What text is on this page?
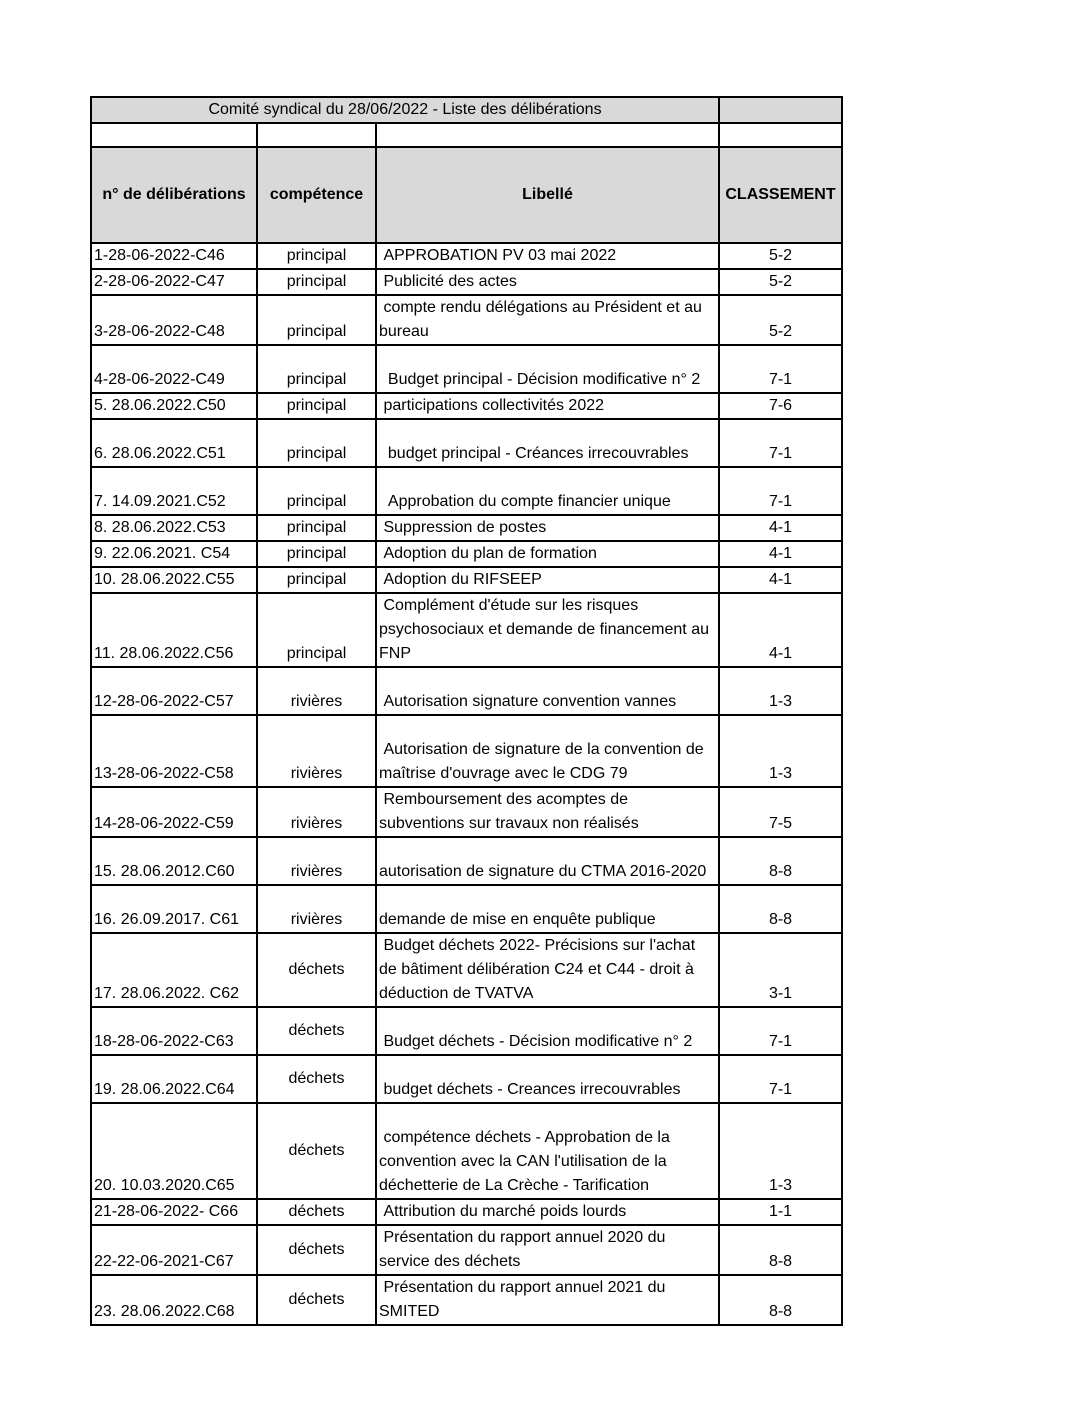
Comité syndical du 28/06/2022 - Liste des délibérations			

n° de délibérations	compétence	Libellé	CLASSEMENT
1-28-06-2022-C46	principal	APPROBATION PV 03 mai 2022	5-2
2-28-06-2022-C47	principal	Publicité des actes	5-2
3-28-06-2022-C48	principal	compte rendu délégations au Président et au bureau	5-2
4-28-06-2022-C49	principal	Budget principal - Décision modificative n° 2	7-1
5. 28.06.2022.C50	principal	participations collectivités 2022	7-6
6. 28.06.2022.C51	principal	budget principal - Créances irrecouvrables	7-1
7. 14.09.2021.C52	principal	Approbation du compte financier unique	7-1
8. 28.06.2022.C53	principal	Suppression de postes	4-1
9. 22.06.2021. C54	principal	Adoption du plan de formation	4-1
10. 28.06.2022.C55	principal	Adoption du RIFSEEP	4-1
11. 28.06.2022.C56	principal	Complément d'étude sur les risques psychosociaux et demande de financement au FNP	4-1
12-28-06-2022-C57	rivières	Autorisation signature convention vannes	1-3
13-28-06-2022-C58	rivières	Autorisation de signature de la convention de maîtrise d'ouvrage avec le CDG 79	1-3
14-28-06-2022-C59	rivières	Remboursement des acomptes de subventions sur travaux non réalisés	7-5
15. 28.06.2012.C60	rivières	autorisation de signature du CTMA 2016-2020	8-8
16. 26.09.2017. C61	rivières	demande de mise en enquête publique	8-8
17. 28.06.2022. C62	déchets	Budget déchets 2022- Précisions sur l'achat de bâtiment délibération C24 et C44 - droit à déduction de TVATVA	3-1
18-28-06-2022-C63	déchets	Budget déchets - Décision modificative n° 2	7-1
19. 28.06.2022.C64	déchets	budget déchets - Creances irrecouvrables	7-1
20. 10.03.2020.C65	déchets	compétence déchets - Approbation de la convention avec la CAN l'utilisation de la déchetterie de La Crèche - Tarification	1-3
21-28-06-2022- C66	déchets	Attribution du marché poids lourds	1-1
22-22-06-2021-C67	déchets	Présentation du rapport annuel 2020 du service des déchets	8-8
23. 28.06.2022.C68	déchets	Présentation du rapport annuel 2021 du SMITED	8-8
